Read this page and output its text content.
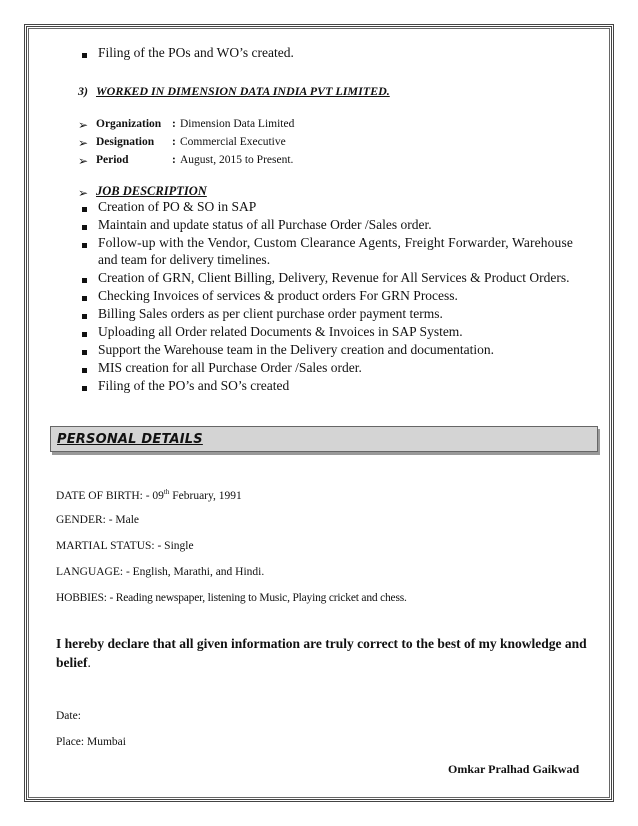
Filing of the POs and WO’s created.
3) WORKED IN DIMENSION DATA INDIA PVT LIMITED.
➢ Organization : Dimension Data Limited
➢ Designation : Commercial Executive
➢ Period	: August, 2015 to Present.
➢ JOB DESCRIPTION
Creation of PO & SO in SAP
Maintain and update status of all Purchase Order /Sales order.
Follow-up with the Vendor, Custom Clearance Agents, Freight Forwarder, Warehouse
and team for delivery timelines.
Creation of GRN, Client Billing, Delivery, Revenue for All Services & Product Orders.
Checking Invoices of services & product orders For GRN Process.
Billing Sales orders as per client purchase order payment terms.
Uploading all Order related Documents & Invoices in SAP System.
Support the Warehouse team in the Delivery creation and documentation.
MIS creation for all Purchase Order /Sales order.
Filing of the PO’s and SO’s created
PERSONAL DETAILS
DATE OF BIRTH: - 09th February, 1991
GENDER: - Male
MARTIAL STATUS: - Single
LANGUAGE: - English, Marathi, and Hindi.
HOBBIES: - Reading newspaper, listening to Music, Playing cricket and chess.
I hereby declare that all given information are truly correct to the best of my knowledge and
belief.
Date:
Place: Mumbai
Omkar Pralhad Gaikwad
